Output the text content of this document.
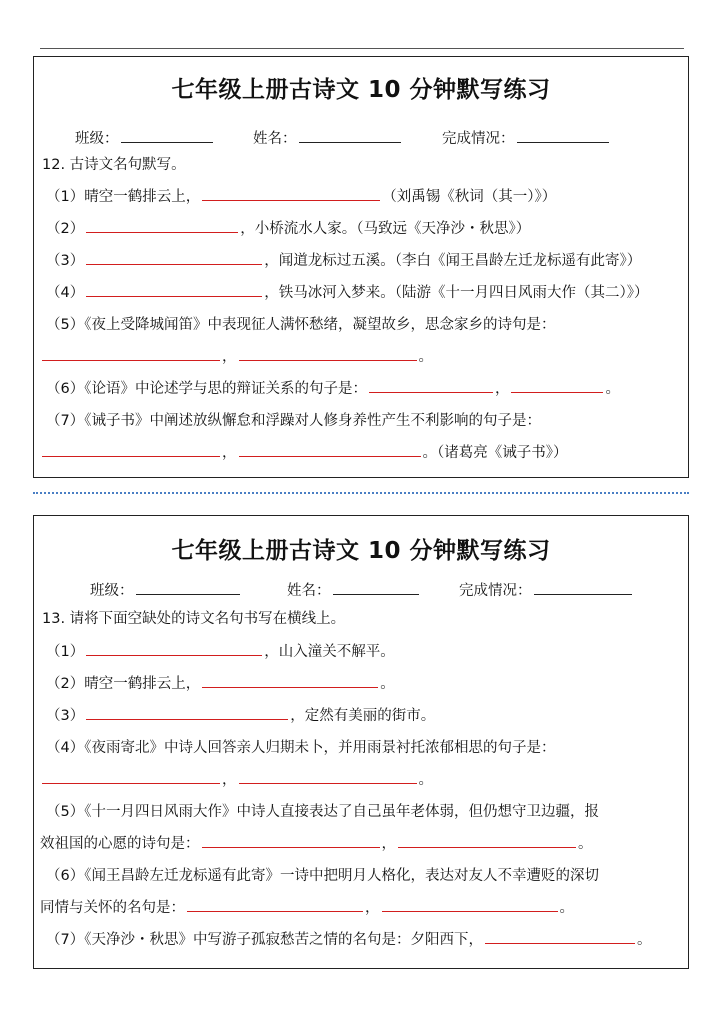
七年级上册古诗文 10 分钟默写练习
班级：	姓名：	完成情况：
12. 古诗文名句默写。
（1）晴空一鹤排云上，	（刘禹锡《秋词（其一）》）
（2）	，小桥流水人家。（马致远《天净沙・秋思》）
（3）	，闻道龙标过五溪。（李白《闻王昌龄左迁龙标遥有此寄》）
（4）	，铁马冰河入梦来。（陆游《十一月四日风雨大作（其二）》）
（5）《夜上受降城闻笛》中表现征人满怀愁绪，凝望故乡，思念家乡的诗句是：
，	。
（6）《论语》中论述学与思的辩证关系的句子是：	，	。
（7）《诫子书》中阐述放纵懈怠和浮躁对人修身养性产生不利影响的句子是：
，	。（诸葛亮《诫子书》）
七年级上册古诗文 10 分钟默写练习
班级：	姓名：	完成情况：
13. 请将下面空缺处的诗文名句书写在横线上。
（1）	，山入潼关不解平。
（2）晴空一鹤排云上，	。
（3）	，定然有美丽的街市。
（4）《夜雨寄北》中诗人回答亲人归期未卜，并用雨景衬托浓郁相思的句子是：
，	。
（5）《十一月四日风雨大作》中诗人直接表达了自己虽年老体弱，但仍想守卫边疆，报
效祖国的心愿的诗句是：	，	。
（6）《闻王昌龄左迁龙标遥有此寄》一诗中把明月人格化，表达对友人不幸遭贬的深切
同情与关怀的名句是：	，	。
（7）《天净沙・秋思》中写游子孤寂愁苦之情的名句是：夕阳西下，	。
